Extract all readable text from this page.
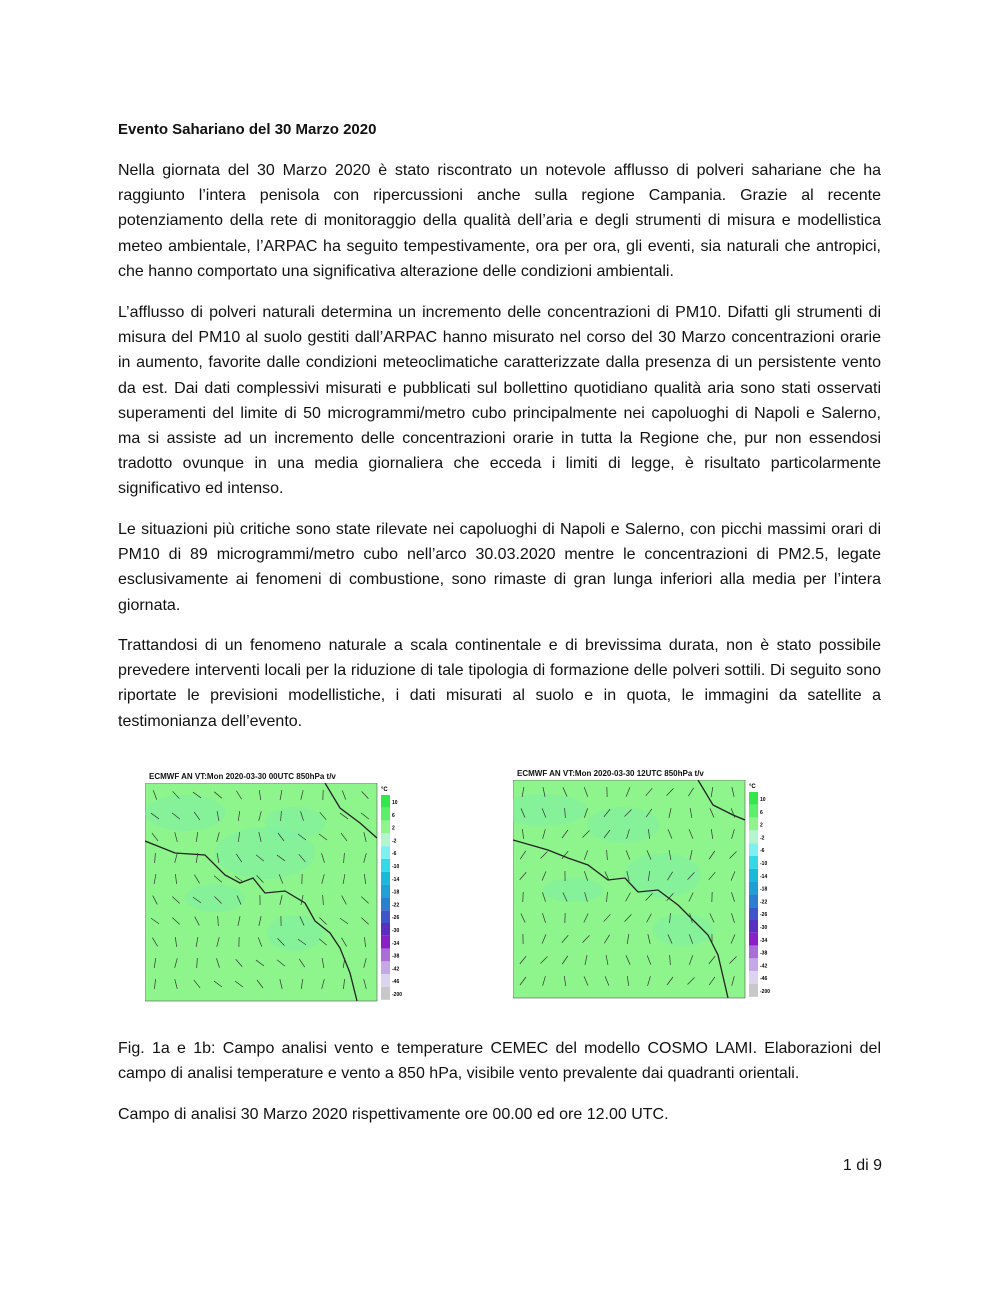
Evento Sahariano del 30 Marzo 2020
Nella giornata del 30 Marzo 2020 è stato riscontrato un notevole afflusso di polveri sahariane che ha raggiunto l’intera penisola con ripercussioni anche sulla regione Campania. Grazie al recente potenziamento della rete di monitoraggio della qualità dell’aria e degli strumenti di misura e modellistica meteo ambientale, l’ARPAC ha seguito tempestivamente, ora per ora, gli eventi, sia naturali che antropici, che hanno comportato una significativa alterazione delle condizioni ambientali.
L’afflusso di polveri naturali determina un incremento delle concentrazioni di PM10. Difatti gli strumenti di misura del PM10 al suolo gestiti dall’ARPAC hanno misurato nel corso del 30 Marzo concentrazioni orarie in aumento, favorite dalle condizioni meteoclimatiche caratterizzate dalla presenza di un persistente vento da est. Dai dati complessivi misurati e pubblicati sul bollettino quotidiano qualità aria sono stati osservati superamenti del limite di 50 microgrammi/metro cubo principalmente nei capoluoghi di Napoli e Salerno, ma si assiste ad un incremento delle concentrazioni orarie in tutta la Regione che, pur non essendosi tradotto ovunque in una media giornaliera che ecceda i limiti di legge, è risultato particolarmente significativo ed intenso.
Le situazioni più critiche sono state rilevate nei capoluoghi di Napoli e Salerno, con picchi massimi orari di PM10 di 89 microgrammi/metro cubo nell’arco 30.03.2020 mentre le concentrazioni di PM2.5, legate esclusivamente ai fenomeni di combustione, sono rimaste di gran lunga inferiori alla media per l’intera giornata.
Trattandosi di un fenomeno naturale a scala continentale e di brevissima durata, non è stato possibile prevedere interventi locali per la riduzione di tale tipologia di formazione delle polveri sottili. Di seguito sono riportate le previsioni modellistiche, i dati misurati al suolo e in quota, le immagini da satellite a testimonianza dell’evento.
ECMWF AN VT:Mon 2020-03-30 00UTC 850hPa t/v
°C
10
6
2
-2
-6
-10
-14
-18
-22
-26
-30
-34
-38
-42
-46
-200
ECMWF AN VT:Mon 2020-03-30 12UTC 850hPa t/v
°C
10
6
2
-2
-6
-10
-14
-18
-22
-26
-30
-34
-38
-42
-46
-200
Fig. 1a e 1b: Campo analisi vento e temperature CEMEC del modello COSMO LAMI. Elaborazioni del campo di analisi temperature e vento a 850 hPa, visibile vento prevalente dai quadranti orientali.
Campo di analisi 30 Marzo 2020 rispettivamente ore 00.00 ed ore 12.00 UTC.
1 di 9
